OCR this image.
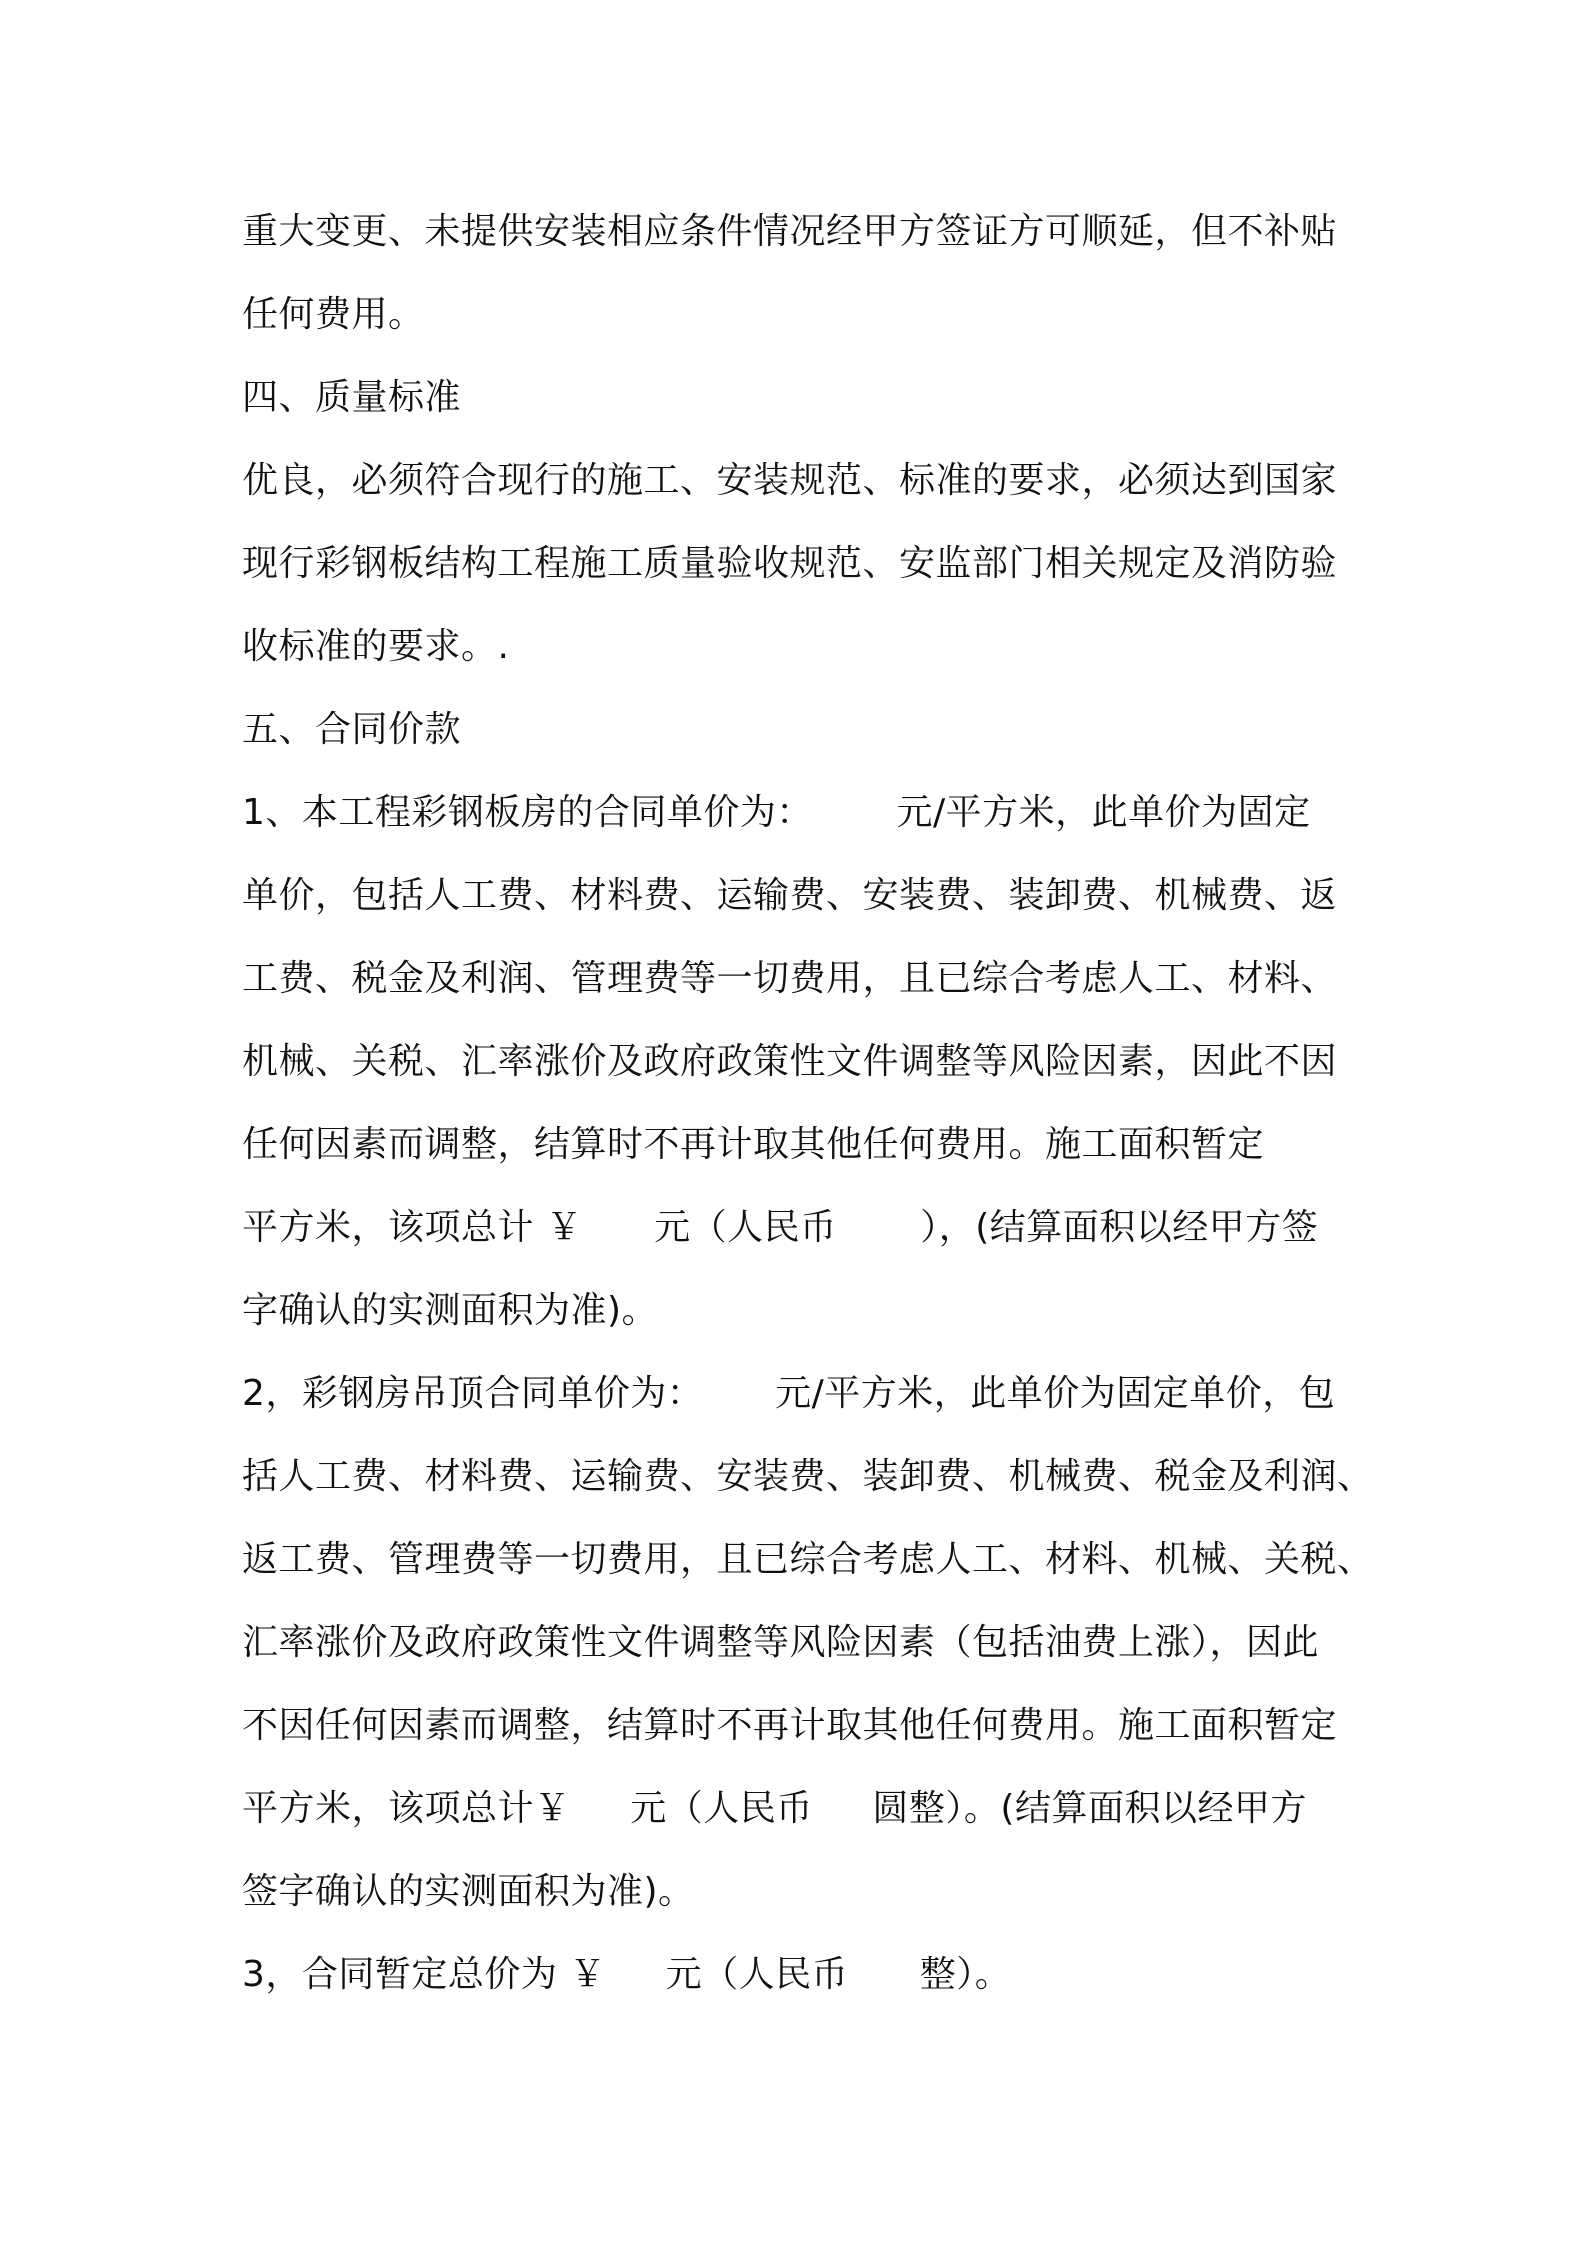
重大变更、未提供安装相应条件情况经甲方签证方可顺延，但不补贴
任何费用。
四、质量标准
优良，必须符合现行的施工、安装规范、标准的要求，必须达到国家
现行彩钢板结构工程施工质量验收规范、安监部门相关规定及消防验
收标准的要求。.
五、合同价款
1、本工程彩钢板房的合同单价为：       元/平方米，此单价为固定
单价，包括人工费、材料费、运输费、安装费、装卸费、机械费、返
工费、税金及利润、管理费等一切费用，且已综合考虑人工、材料、
机械、关税、汇率涨价及政府政策性文件调整等风险因素，因此不因
任何因素而调整，结算时不再计取其他任何费用。施工面积暂定
平方米，该项总计 ￥      元（人民币       ），(结算面积以经甲方签
字确认的实测面积为准)。
2，彩钢房吊顶合同单价为：      元/平方米，此单价为固定单价，包
括人工费、材料费、运输费、安装费、装卸费、机械费、税金及利润、
返工费、管理费等一切费用，且已综合考虑人工、材料、机械、关税、
汇率涨价及政府政策性文件调整等风险因素（包括油费上涨），因此
不因任何因素而调整，结算时不再计取其他任何费用。施工面积暂定
平方米，该项总计￥     元（人民币     圆整）。(结算面积以经甲方
签字确认的实测面积为准)。
3，合同暂定总价为 ￥     元（人民币      整）。
